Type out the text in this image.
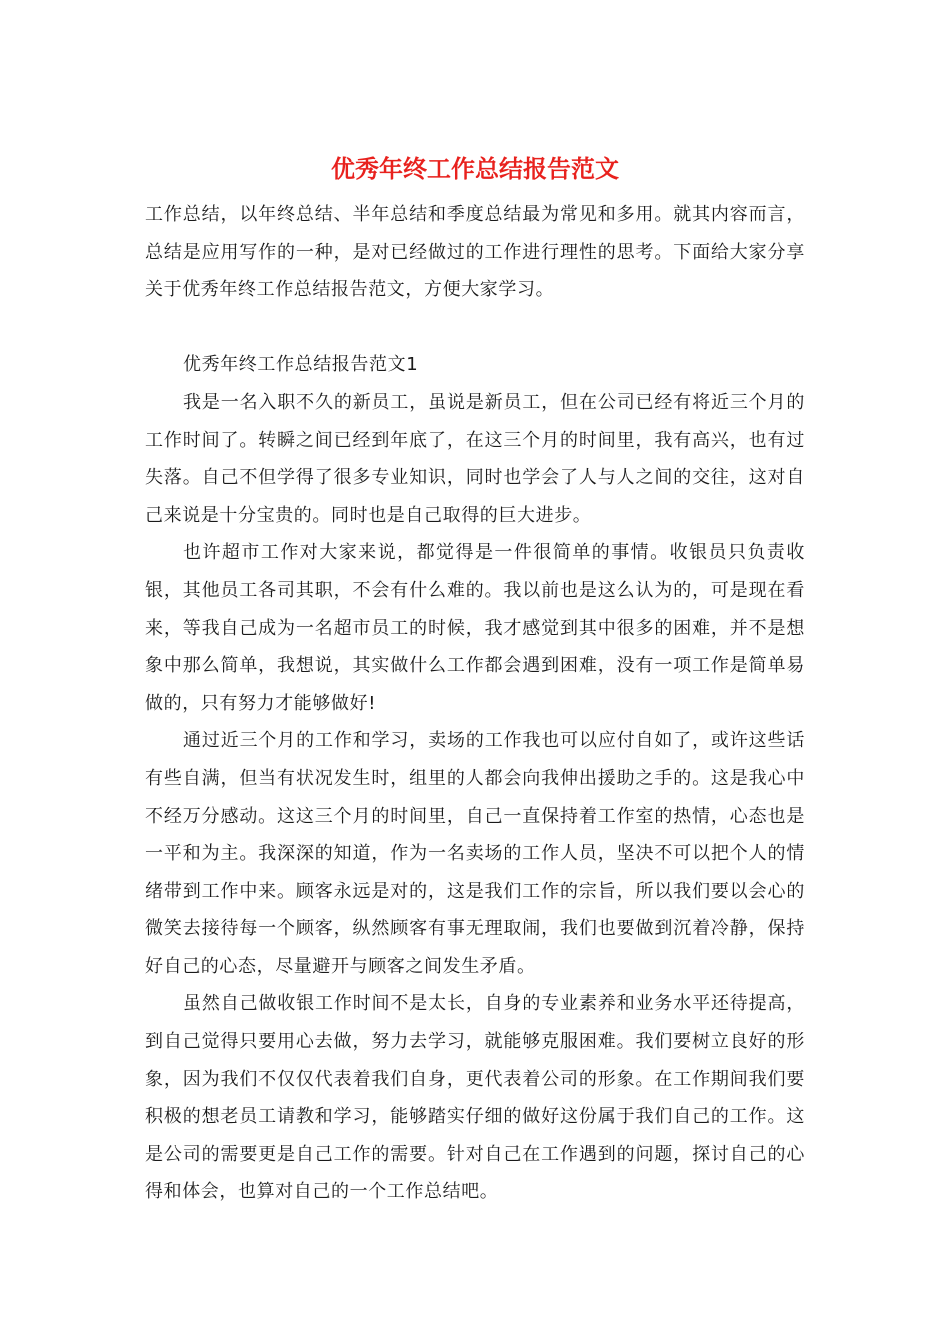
优秀年终工作总结报告范文

工作总结，以年终总结、半年总结和季度总结最为常见和多用。就其内容而言，总结是应用写作的一种，是对已经做过的工作进行理性的思考。下面给大家分享关于优秀年终工作总结报告范文，方便大家学习。

优秀年终工作总结报告范文1

我是一名入职不久的新员工，虽说是新员工，但在公司已经有将近三个月的工作时间了。转瞬之间已经到年底了，在这三个月的时间里，我有高兴，也有过失落。自己不但学得了很多专业知识，同时也学会了人与人之间的交往，这对自己来说是十分宝贵的。同时也是自己取得的巨大进步。

也许超市工作对大家来说，都觉得是一件很简单的事情。收银员只负责收银，其他员工各司其职，不会有什么难的。我以前也是这么认为的，可是现在看来，等我自己成为一名超市员工的时候，我才感觉到其中很多的困难，并不是想象中那么简单，我想说，其实做什么工作都会遇到困难，没有一项工作是简单易做的，只有努力才能够做好!

通过近三个月的工作和学习，卖场的工作我也可以应付自如了，或许这些话有些自满，但当有状况发生时，组里的人都会向我伸出援助之手的。这是我心中不经万分感动。这这三个月的时间里，自己一直保持着工作室的热情，心态也是一平和为主。我深深的知道，作为一名卖场的工作人员，坚决不可以把个人的情绪带到工作中来。顾客永远是对的，这是我们工作的宗旨，所以我们要以会心的微笑去接待每一个顾客，纵然顾客有事无理取闹，我们也要做到沉着冷静，保持好自己的心态，尽量避开与顾客之间发生矛盾。

虽然自己做收银工作时间不是太长，自身的专业素养和业务水平还待提高，到自己觉得只要用心去做，努力去学习，就能够克服困难。我们要树立良好的形象，因为我们不仅仅代表着我们自身，更代表着公司的形象。在工作期间我们要积极的想老员工请教和学习，能够踏实仔细的做好这份属于我们自己的工作。这是公司的需要更是自己工作的需要。针对自己在工作遇到的问题，探讨自己的心得和体会，也算对自己的一个工作总结吧。
